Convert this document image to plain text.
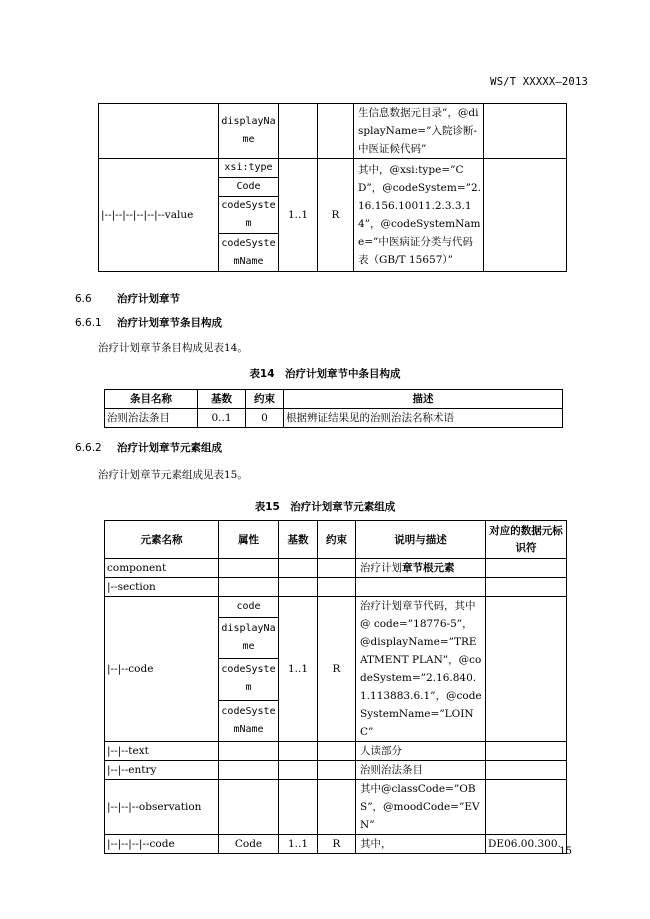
WS/T XXXXX—2013
	displayName			生信息数据元目录”，@displayName=”入院诊断-中医证候代码”	
|--|--|--|--|--|--value	xsi:type	1..1	R	其中，@xsi:type=”CD”，@codeSystem=”2.16.156.10011.2.3.3.14”，@codeSystemName=”中医病证分类与代码表（GB/T 15657）”	
	Code				
	codeSystem				
	codeSystemName				
6.6 治疗计划章节
6.6.1 治疗计划章节条目构成
治疗计划章节条目构成见表14。
表14　治疗计划章节中条目构成
条目名称	基数	约束	描述
治则治法条目	0..1	0	根据辨证结果见的治则治法名称术语
6.6.2 治疗计划章节元素组成
治疗计划章节元素组成见表15。
表15　治疗计划章节元素组成
元素名称	属性	基数	约束	说明与描述	对应的数据元标识符
component				治疗计划章节根元素	
|--section					
|--|--code	code	1..1	R	治疗计划章节代码，其中@ code=”18776-5”，@displayName=”TREATMENT PLAN”，@codeSystem=”2.16.840.1.113883.6.1”，@codeSystemName=”LOINC”	
	displayName				
	codeSystem				
	codeSystemName				
|--|--text				人读部分	
|--|--entry				治则治法条目	
|--|--|--observation				其中@classCode=”OBS”，@moodCode=”EVN”	
|--|--|--|--code	Code	1..1	R	其中，	DE06.00.300.
15
